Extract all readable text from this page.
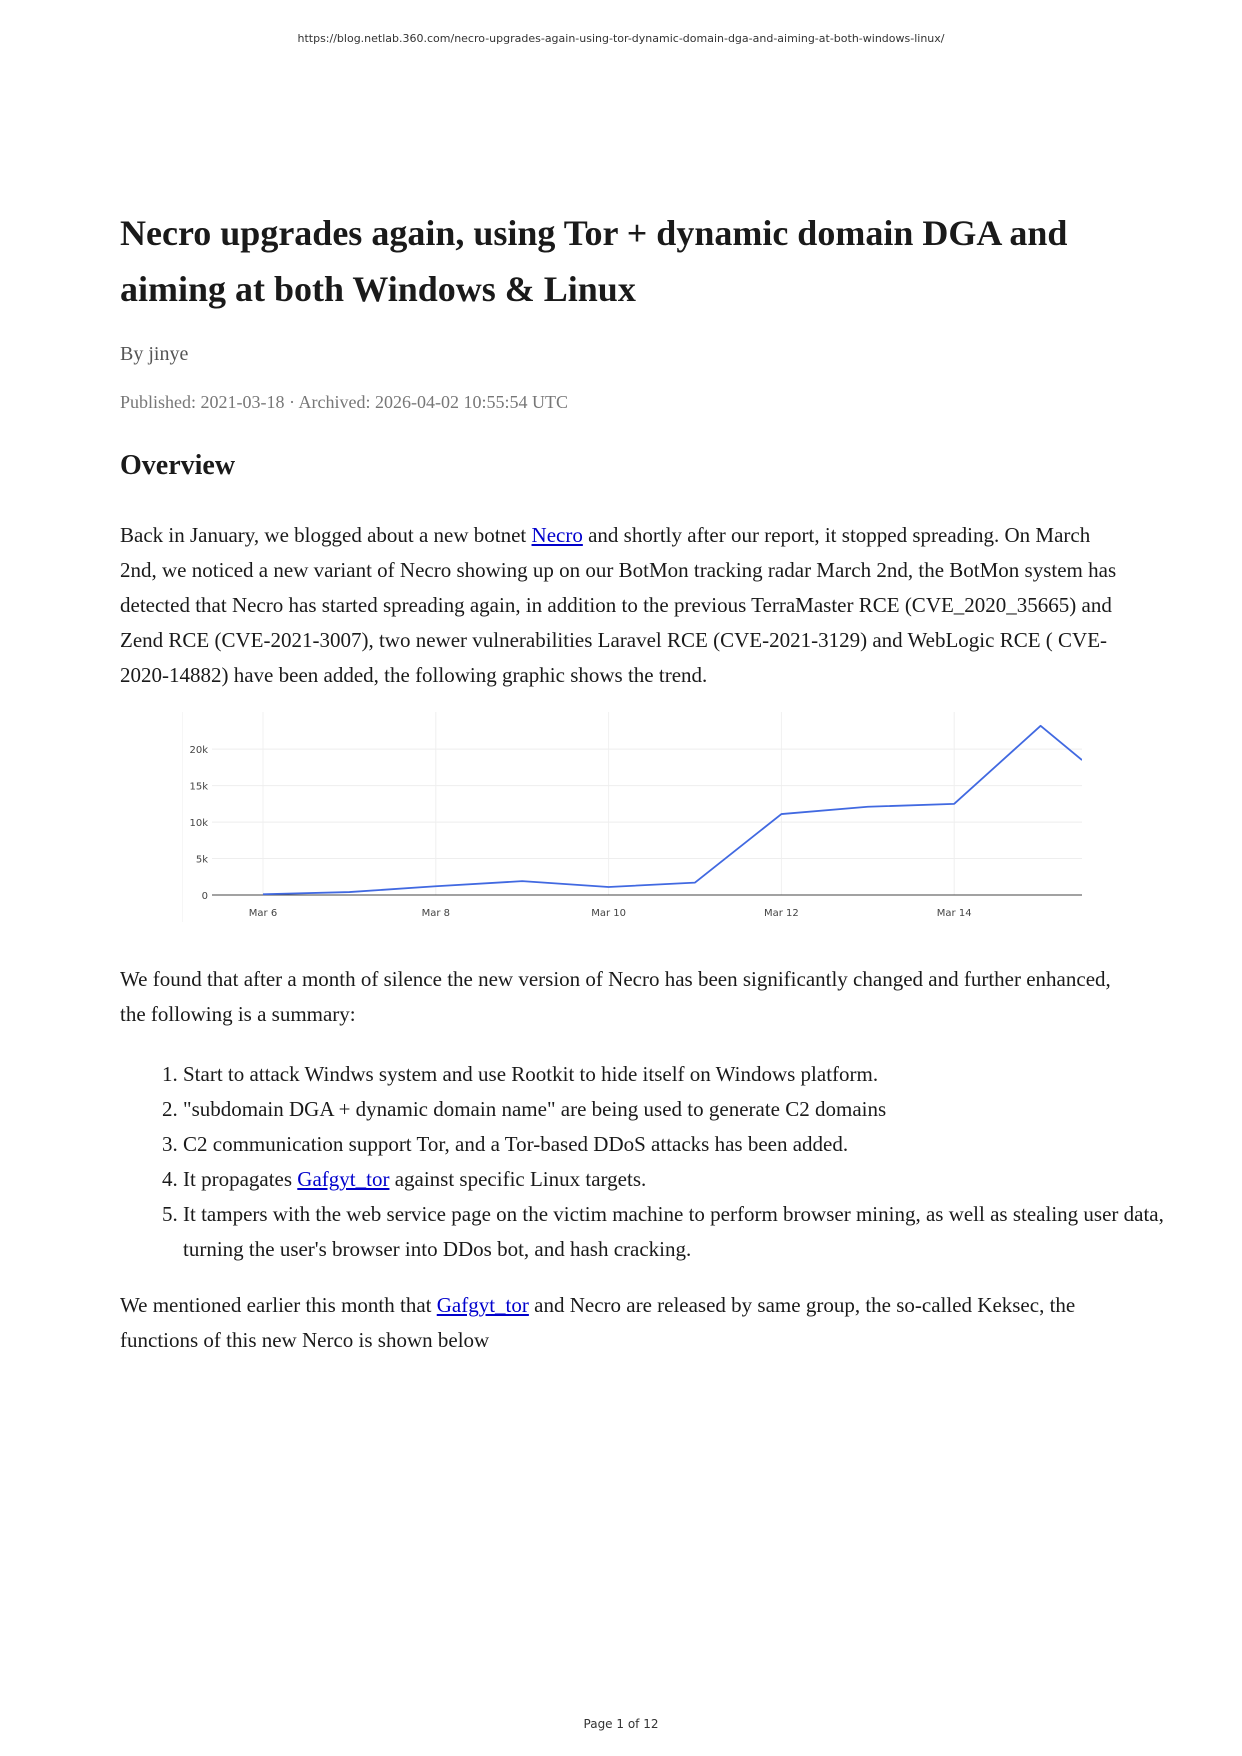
https://blog.netlab.360.com/necro-upgrades-again-using-tor-dynamic-domain-dga-and-aiming-at-both-windows-linux/
Necro upgrades again, using Tor + dynamic domain DGA and aiming at both Windows & Linux
By jinye
Published: 2021-03-18 · Archived: 2026-04-02 10:55:54 UTC
Overview

Back in January, we blogged about a new botnet Necro and shortly after our report, it stopped spreading. On March 2nd, we noticed a new variant of Necro showing up on our BotMon tracking radar March 2nd, the BotMon system has detected that Necro has started spreading again, in addition to the previous TerraMaster RCE (CVE_2020_35665) and Zend RCE (CVE-2021-3007), two newer vulnerabilities Laravel RCE (CVE-2021-3129) and WebLogic RCE ( CVE-2020-14882) have been added, the following graphic shows the trend.

0
5k
10k
15k
20k
Mar 6	Mar 8	Mar 10	Mar 12	Mar 14

We found that after a month of silence the new version of Necro has been significantly changed and further enhanced, the following is a summary:

1. Start to attack Windws system and use Rootkit to hide itself on Windows platform.
2. "subdomain DGA + dynamic domain name" are being used to generate C2 domains
3. C2 communication support Tor, and a Tor-based DDoS attacks has been added.
4. It propagates Gafgyt_tor against specific Linux targets.
5. It tampers with the web service page on the victim machine to perform browser mining, as well as stealing user data, turning the user's browser into DDos bot, and hash cracking.

We mentioned earlier this month that Gafgyt_tor and Necro are released by same group, the so-called Keksec, the functions of this new Nerco is shown below

Page 1 of 12
